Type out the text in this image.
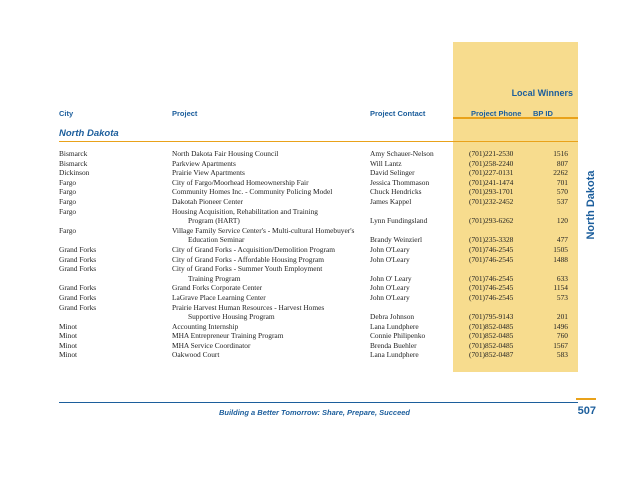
Local Winners
North Dakota
City	Project	Project Contact	Project Phone BP ID
North Dakota
Bismarck	North Dakota Fair Housing Council	Amy Schauer-Nelson	(701)221-2530	1516
Bismarck	Parkview Apartments	Will Lantz	(701)258-2240	807
Dickinson	Prairie View Apartments	David Selinger	(701)227-0131	2262
Fargo	City of Fargo/Moorhead Homeownership Fair	Jessica Thommason	(701)241-1474	701
Fargo	Community Homes Inc. - Community Policing Model	Chuck Hendricks	(701)293-1701	570
Fargo	Dakotah Pioneer Center	James Kappel	(701)232-2452	537
Fargo	Housing Acquisition, Rehabilitation and Training
Program (HART)	Lynn Fundingsland	(701)293-6262	120
Fargo	Village Family Service Center's - Multi-cultural Homebuyer's
Education Seminar	Brandy Weinzierl	(701)235-3328	477
Grand Forks	City of Grand Forks - Acquisition/Demolition Program	John O'Leary	(701)746-2545	1505
Grand Forks	City of Grand Forks - Affordable Housing Program	John O'Leary	(701)746-2545	1488
Grand Forks	City of Grand Forks - Summer Youth Employment
Training Program	John O' Leary	(701)746-2545	633
Grand Forks	Grand Forks Corporate Center	John O'Leary	(701)746-2545	1154
Grand Forks	LaGrave Place Learning Center	John O'Leary	(701)746-2545	573
Grand Forks	Prairie Harvest Human Resources - Harvest Homes
Supportive Housing Program	Debra Johnson	(701)795-9143	201
Minot	Accounting Internship	Lana Lundphere	(701)852-0485	1496
Minot	MHA Entrepreneur Training Program	Connie Philipenko	(701)852-0485	760
Minot	MHA Service Coordinator	Brenda Buehler	(701)852-0485	1567
Minot	Oakwood Court	Lana Lundphere	(701)852-0487	583
Building a Better Tomorrow: Share, Prepare, Succeed	507
